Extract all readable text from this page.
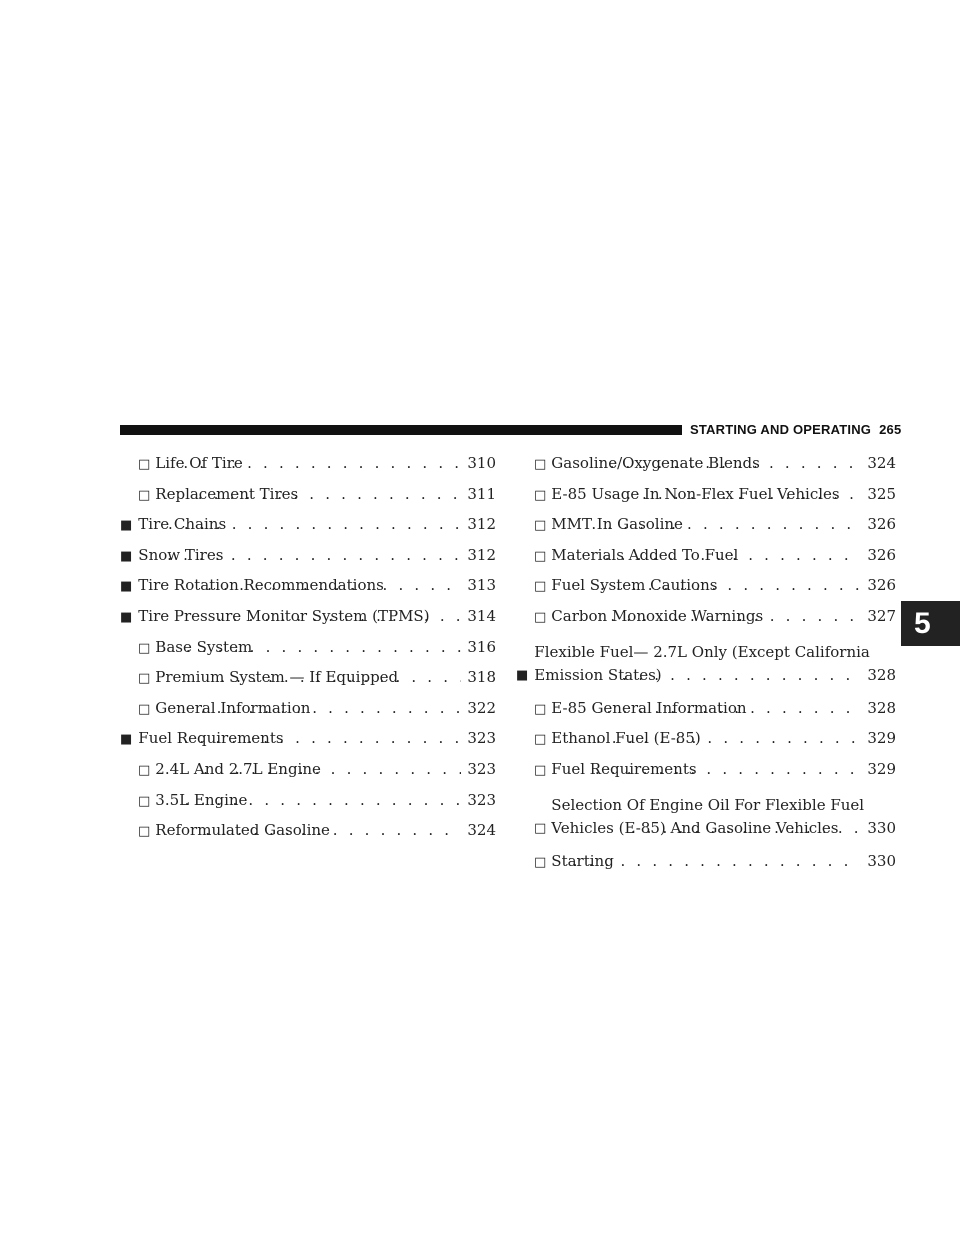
STARTING AND OPERATING 265
5
□ Life Of Tire . . .	310
□ Replacement Tires . . .	311
■ Tire Chains . . .	312
■ Snow Tires . . .	312
■ Tire Rotation Recommendations . . .	313
■ Tire Pressure Monitor System (TPMS) . . .	314
□ Base System . . .	316
□ Premium System — If Equipped . . .	318
□ General Information . . .	322
■ Fuel Requirements . . .	323
□ 2.4L And 2.7L Engine . . .	323
□ 3.5L Engine . . .	323
□ Reformulated Gasoline . . .	324
□ Gasoline/Oxygenate Blends . . .	324
□ E-85 Usage In Non-Flex Fuel Vehicles . . . 325
□ MMT In Gasoline . . .	326
□ Materials Added To Fuel . . .	326
□ Fuel System Cautions . . .	326
□ Carbon Monoxide Warnings . . .	327
■
Flexible Fuel— 2.7L Only (Except California
Emission States) . . .	328
□ E-85 General Information . . .	328
□ Ethanol Fuel (E-85) . . .	329
□ Fuel Requirements . . .	329
□
Selection Of Engine Oil For Flexible Fuel
Vehicles (E-85) And Gasoline Vehicles . . . 330
□ Starting . . .	330
